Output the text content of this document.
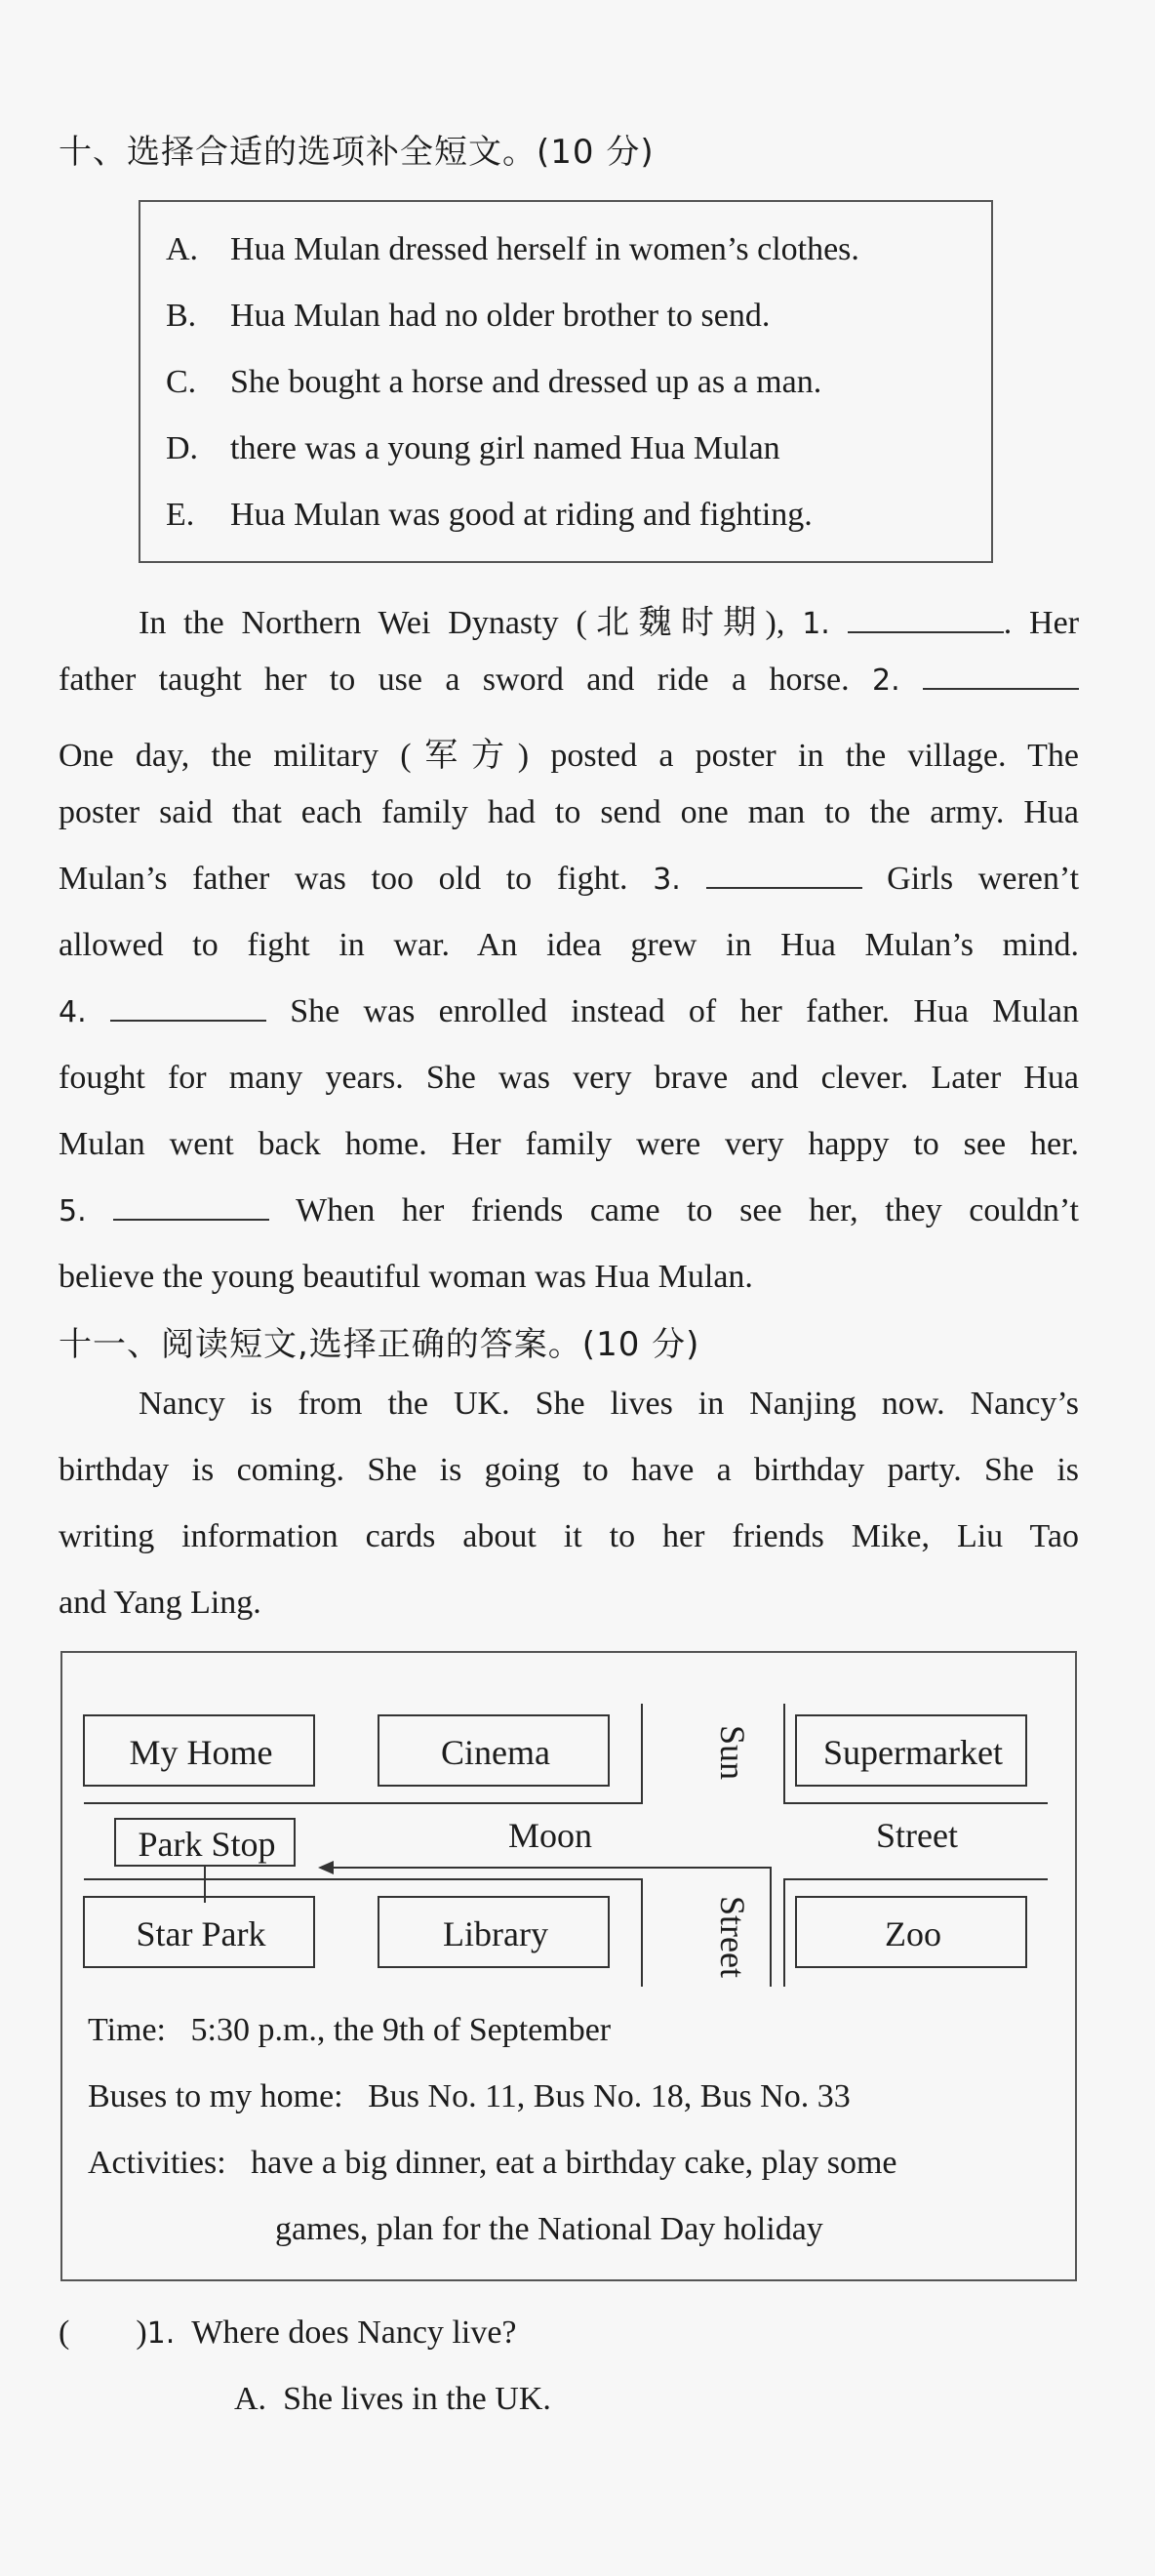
十、选择合适的选项补全短文。(10 分)
A. Hua Mulan dressed herself in women’s clothes.
B. Hua Mulan had no older brother to send.
C. She bought a horse and dressed up as a man.
D. there was a young girl named Hua Mulan
E. Hua Mulan was good at riding and fighting.
In the Northern Wei Dynasty (北魏时期), 1.	. Her
father taught her to use a sword and ride a horse. 2.
One day, the military (军方) posted a poster in the village. The
poster said that each family had to send one man to the army. Hua
Mulan’s father was too old to fight. 3.	Girls weren’t
allowed to fight in war. An idea grew in Hua Mulan’s mind.
4.	She was enrolled instead of her father. Hua Mulan
fought for many years. She was very brave and clever. Later Hua
Mulan went back home. Her family were very happy to see her.
5.	When her friends came to see her, they couldn’t
believe the young beautiful woman was Hua Mulan.
十一、阅读短文,选择正确的答案。(10 分)
Nancy is from the UK. She lives in Nanjing now. Nancy’s
birthday is coming. She is going to have a birthday party. She is
writing information cards about it to her friends Mike, Liu Tao
and Yang Ling.
My Home	Cinema	Sun	Supermarket
Park Stop	Moon	Street
Star Park	Library	Street	Zoo
Time: 5:30 p.m., the 9th of September
Buses to my home: Bus No. 11, Bus No. 18, Bus No. 33
Activities: have a big dinner, eat a birthday cake, play some
games, plan for the National Day holiday
(        )1. Where does Nancy live?
A. She lives in the UK.
